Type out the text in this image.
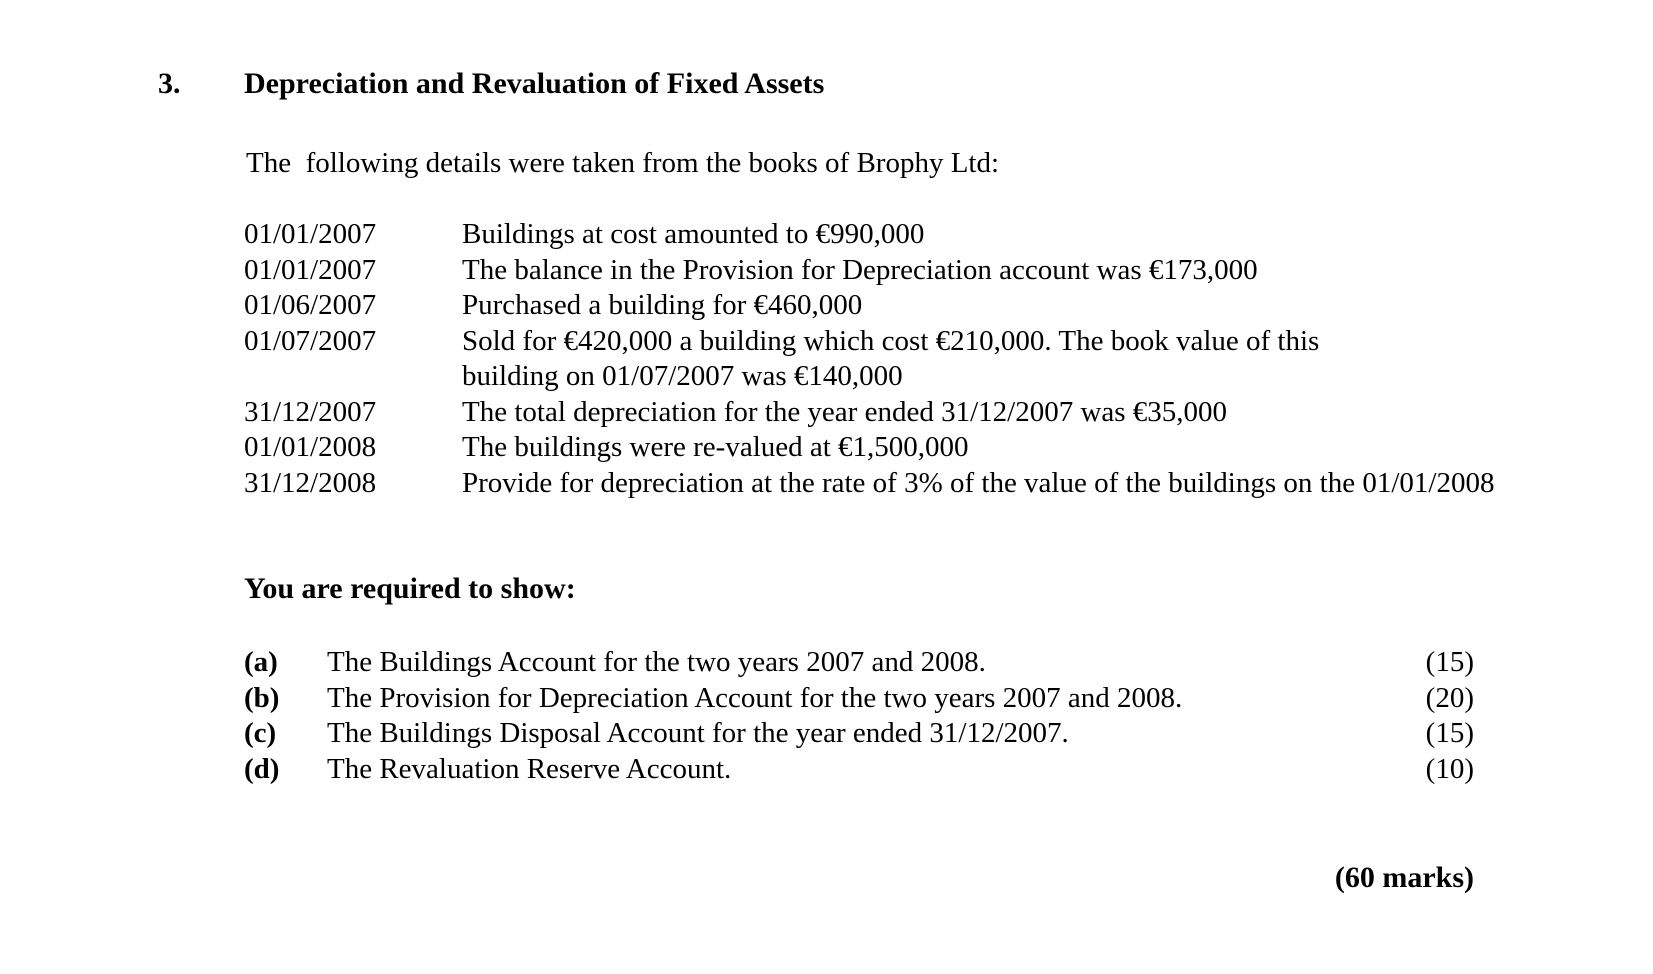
3. Depreciation and Revaluation of Fixed Assets
The  following details were taken from the books of Brophy Ltd:
01/01/2007	Buildings at cost amounted to €990,000
01/01/2007	The balance in the Provision for Depreciation account was €173,000
01/06/2007	Purchased a building for €460,000
01/07/2007	Sold for €420,000 a building which cost €210,000. The book value of this building on 01/07/2007 was €140,000
31/12/2007	The total depreciation for the year ended 31/12/2007 was €35,000
01/01/2008	The buildings were re-valued at €1,500,000
31/12/2008	Provide for depreciation at the rate of 3% of the value of the buildings on the 01/01/2008
You are required to show:
(a)	The Buildings Account for the two years 2007 and 2008.	(15)
(b)	The Provision for Depreciation Account for the two years 2007 and 2008.	(20)
(c)	The Buildings Disposal Account for the year ended 31/12/2007.	(15)
(d)	The Revaluation Reserve Account.	(10)
(60 marks)
